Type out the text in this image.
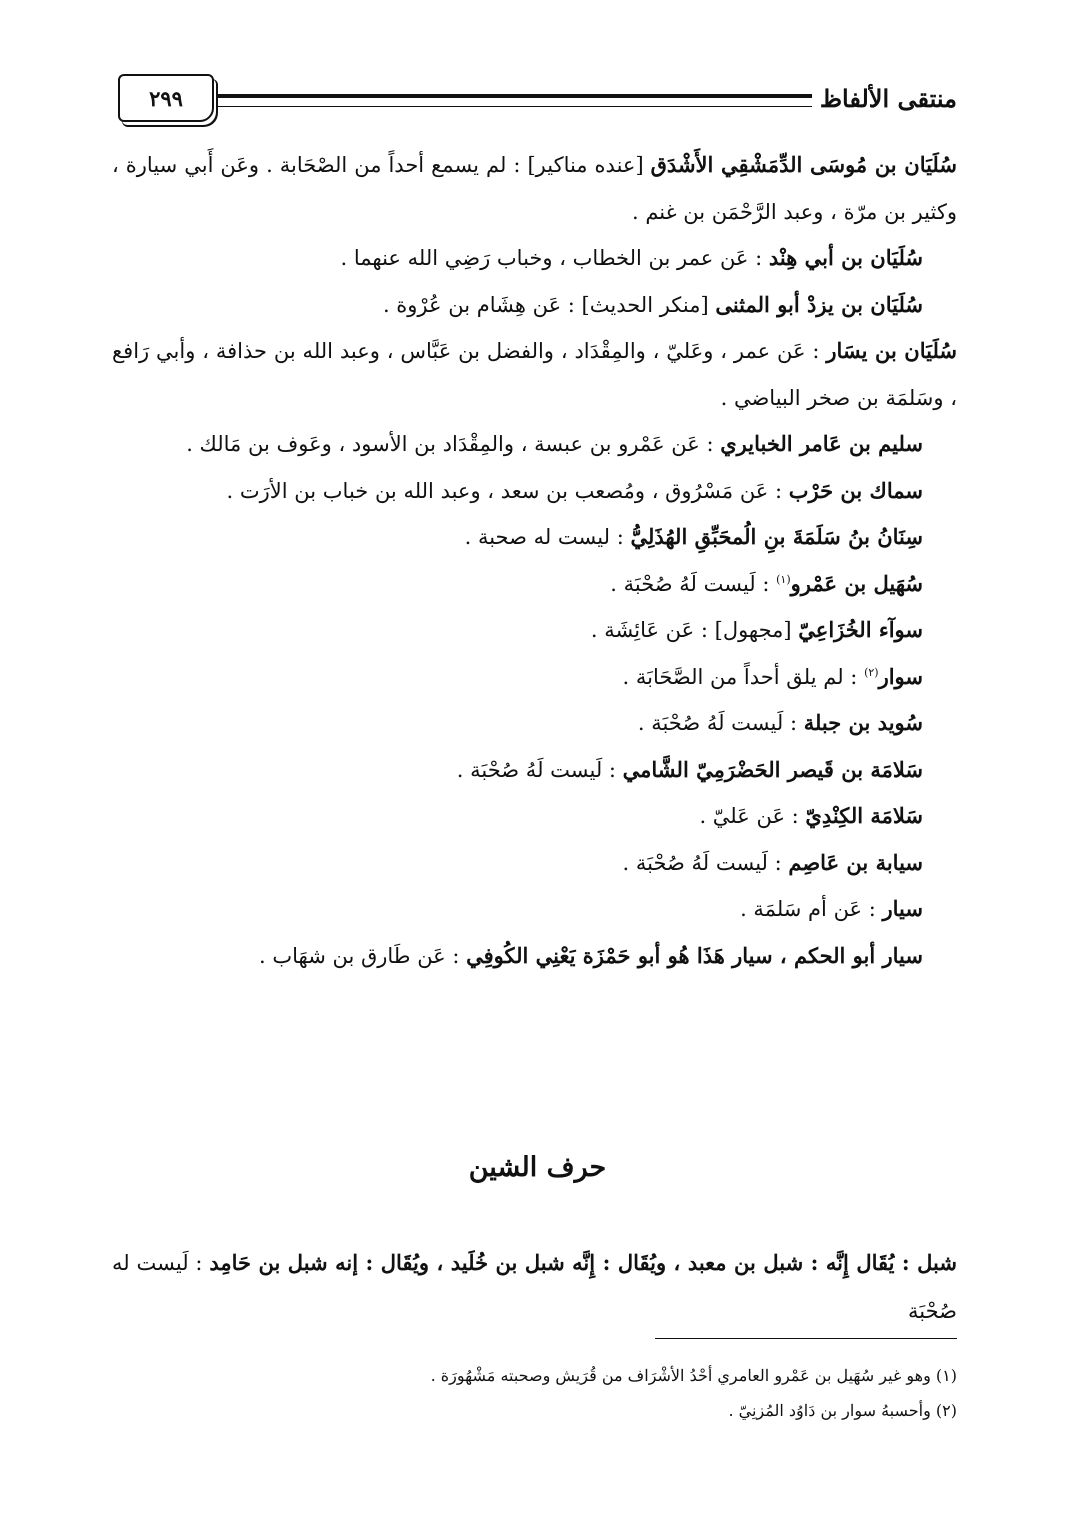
منتقى الألفاظ
٢٩٩

سُلَيَان بن مُوسَى الدِّمَشْقِي الأَشْدَق [عنده مناكير] : لم يسمع أحداً من الصْحَابة . وعَن أَبي سيارة ، وكثير بن مرّة ، وعبد الرَّحْمَن بن غنم .

سُلَيَان بن أبي هِنْد : عَن عمر بن الخطاب ، وخباب رَضِي الله عنهما .

سُلَيَان بن يزدْ أبو المثنى [منكر الحديث] : عَن هِشَام بن عُرْوة .

سُلَيَان بن يسَار : عَن عمر ، وعَليّ ، والمِقْدَاد ، والفضل بن عَبَّاس ، وعبد الله بن حذافة ، وأبي رَافع ، وسَلمَة بن صخر البياضي .

سليم بن عَامر الخبايري : عَن عَمْرو بن عبسة ، والمِقْدَاد بن الأسود ، وعَوف بن مَالك .

سماك بن حَرْب : عَن مَسْرُوق ، ومُصعب بن سعد ، وعبد الله بن خباب بن الأرَت .

سِنَانُ بنُ سَلَمَةَ بنِ الُمحَبِّقِ الهُذَلِيُّ : ليست له صحبة .

سُهَيل بن عَمْرو$^{(١)}$ : لَيست لَهُ صُحْبَة .

سوآء الخُزَاعِيّ [مجهول] : عَن عَائِشَة .

سوار$^{(٢)}$ : لم يلق أحداً من الصَّحَابَة .

سُويد بن جبلة : لَيست لَهُ صُحْبَة .

سَلامَة بن قَيصر الحَضْرَمِيّ الشَّامي : لَيست لَهُ صُحْبَة .

سَلامَة الكِنْدِيّ : عَن عَليّ .

سيابة بن عَاصِم : لَيست لَهُ صُحْبَة .

سيار : عَن أم سَلمَة .

سيار أبو الحكم ، سيار هَذَا هُو أبو حَمْزَة يَعْنِي الكُوفِي : عَن طَارق بن شهَاب .

حرف الشين

شبل : يُقَال إِنَّه : شبل بن معبد ، ويُقَال : إِنَّه شبل بن خُلَيد ، ويُقَال : إنه شبل بن حَامِد : لَيست له صُحْبَة

(١) وهو غير سُهَيل بن عَمْرو العامري أحْدُ الأشْرَاف من قُرَيش وصحبته مَشْهُورَة .

(٢) وأحسبهُ سوار بن دَاوُد المُزنِيّ .
